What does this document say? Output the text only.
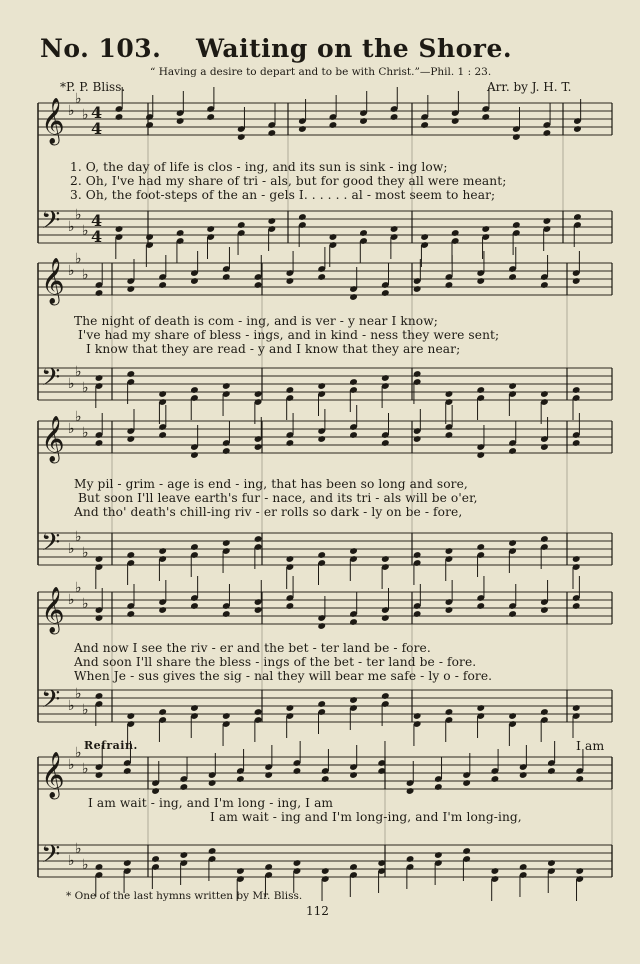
No. 103. Waiting on the Shore.
“ Having a desire to depart and to be with Christ.”—Phil. 1 : 23.
*P. P. Bliss.	Arr. by J. H. T.
𝄞 ♭
♭
♭ 4
4
𝄢 ♭
♭
♭
4
4
𝄞 ♭
♭
♭
𝄢 ♭
♭
♭
𝄞 ♭
♭
♭
𝄢 ♭
♭
♭
𝄞 ♭
♭
♭
𝄢 ♭
♭
♭
𝄞 ♭
♭
♭
𝄢 ♭
♭
♭
1. O, the day of life is clos - ing, and its sun is sink - ing low;
2. Oh, I've had my share of tri - als, but for good they all were meant;
3. Oh, the foot-steps of the an - gels I. . . . . . al - most seem to hear;
The night of death is com - ing, and is ver - y near I know;
I've had my share of bless - ings, and in kind - ness they were sent;
I know that they are read - y and I know that they are near;
My pil - grim - age is end - ing, that has been so long and sore,
But soon I'll leave earth's fur - nace, and its tri - als will be o'er,
And tho' death's chill-ing riv - er rolls so dark - ly on be - fore,
And now I see the riv - er and the bet - ter land be - fore.
And soon I'll share the bless - ings of the bet - ter land be - fore.
When Je - sus gives the sig - nal they will bear me safe - ly o - fore.
Refrain.	I am
I am wait - ing, and I'm long - ing, I am
I am wait - ing and I'm long-ing, and I'm long-ing,
* One of the last hymns written by Mr. Bliss.
112
